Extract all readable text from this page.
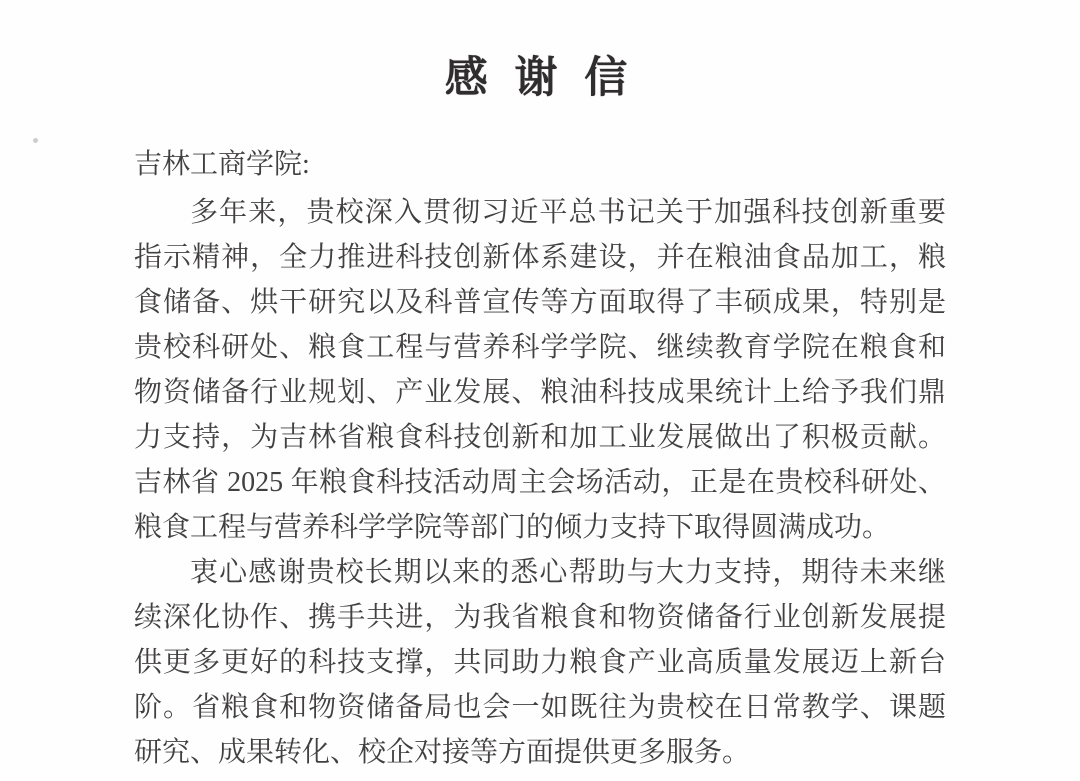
感 谢 信
吉林工商学院:
多年来，贵校深入贯彻习近平总书记关于加强科技创新重要
指示精神，全力推进科技创新体系建设，并在粮油食品加工，粮
食储备、烘干研究以及科普宣传等方面取得了丰硕成果，特别是
贵校科研处、粮食工程与营养科学学院、继续教育学院在粮食和
物资储备行业规划、产业发展、粮油科技成果统计上给予我们鼎
力支持，为吉林省粮食科技创新和加工业发展做出了积极贡献。
吉林省 2025 年粮食科技活动周主会场活动，正是在贵校科研处、
粮食工程与营养科学学院等部门的倾力支持下取得圆满成功。
衷心感谢贵校长期以来的悉心帮助与大力支持，期待未来继
续深化协作、携手共进，为我省粮食和物资储备行业创新发展提
供更多更好的科技支撑，共同助力粮食产业高质量发展迈上新台
阶。省粮食和物资储备局也会一如既往为贵校在日常教学、课题
研究、成果转化、校企对接等方面提供更多服务。
